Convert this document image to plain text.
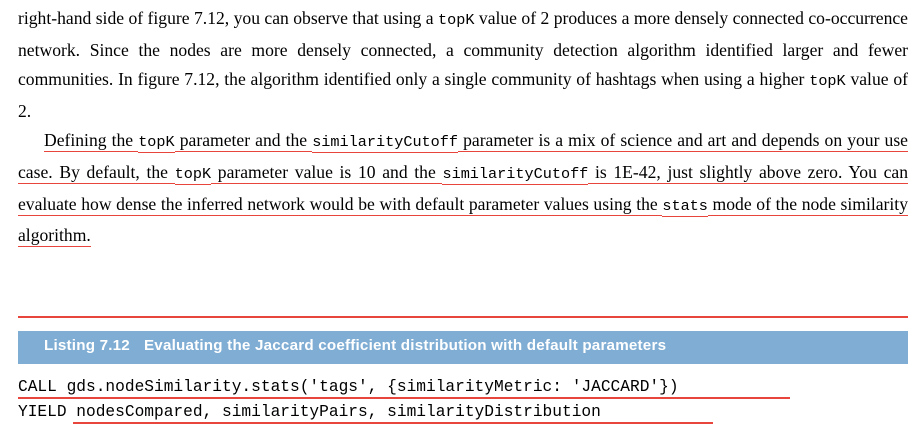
right-hand side of figure 7.12, you can observe that using a topK value of 2 produces a more densely connected co-occurrence network. Since the nodes are more densely connected, a community detection algorithm identified larger and fewer communities. In figure 7.12, the algorithm identified only a single community of hashtags when using a higher topK value of 2.

Defining the topK parameter and the similarityCutoff parameter is a mix of science and art and depends on your use case. By default, the topK parameter value is 10 and the similarityCutoff is 1E-42, just slightly above zero. You can evaluate how dense the inferred network would be with default parameter values using the stats mode of the node similarity algorithm.

Listing 7.12 Evaluating the Jaccard coefficient distribution with default parameters
CALL gds.nodeSimilarity.stats('tags', {similarityMetric: 'JACCARD'})
YIELD nodesCompared, similarityPairs, similarityDistribution
